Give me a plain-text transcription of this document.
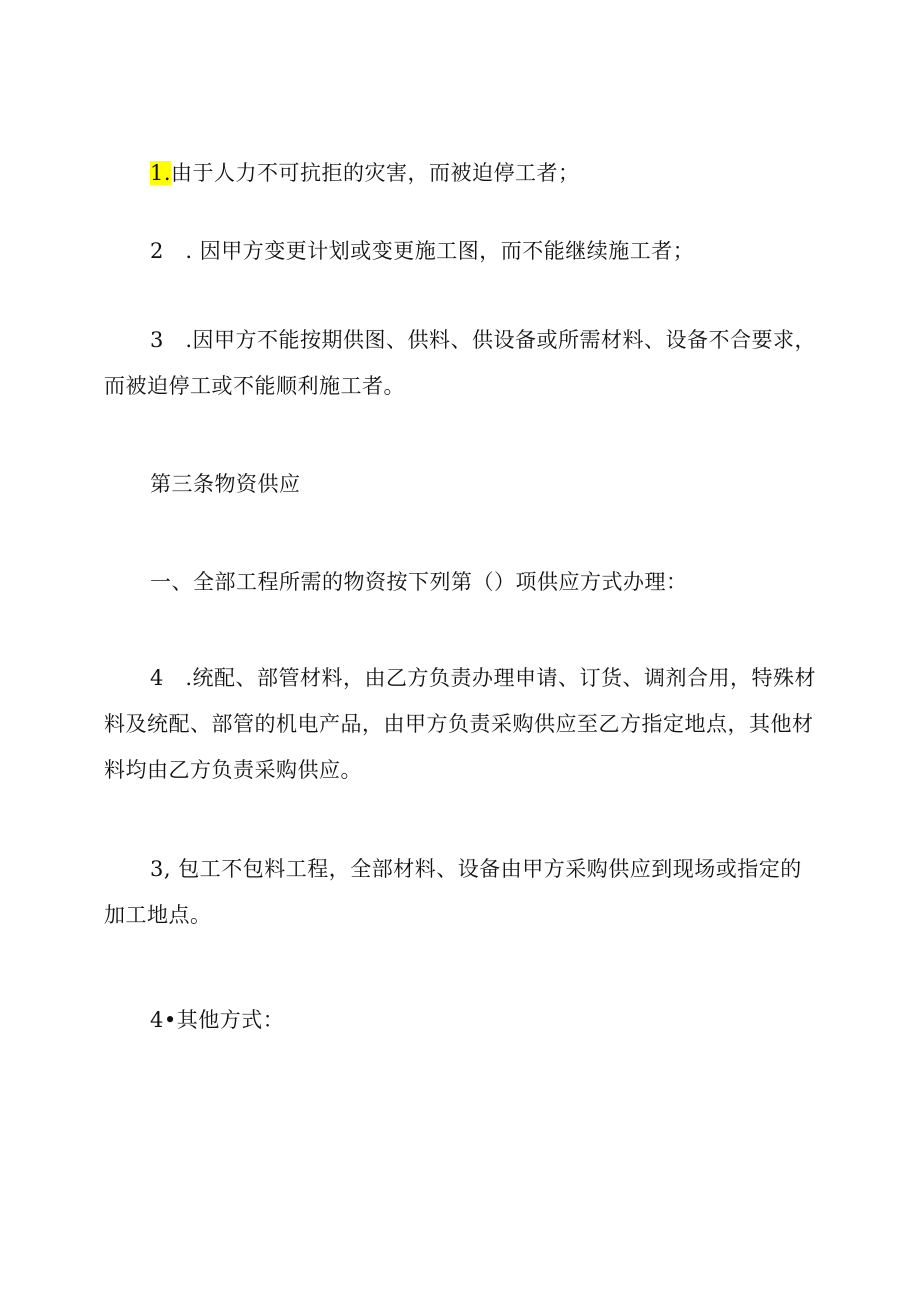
1.由于人力不可抗拒的灾害，而被迫停工者；

2　. 因甲方变更计划或变更施工图，而不能继续施工者；

3　.因甲方不能按期供图、供料、供设备或所需材料、设备不合要求，而被迫停工或不能顺利施工者。

第三条物资供应

一、全部工程所需的物资按下列第（）项供应方式办理：

4　.统配、部管材料，由乙方负责办理申请、订货、调剂合用，特殊材料及统配、部管的机电产品，由甲方负责采购供应至乙方指定地点，其他材料均由乙方负责采购供应。

3, 包工不包料工程，全部材料、设备由甲方采购供应到现场或指定的加工地点。

4•其他方式：
